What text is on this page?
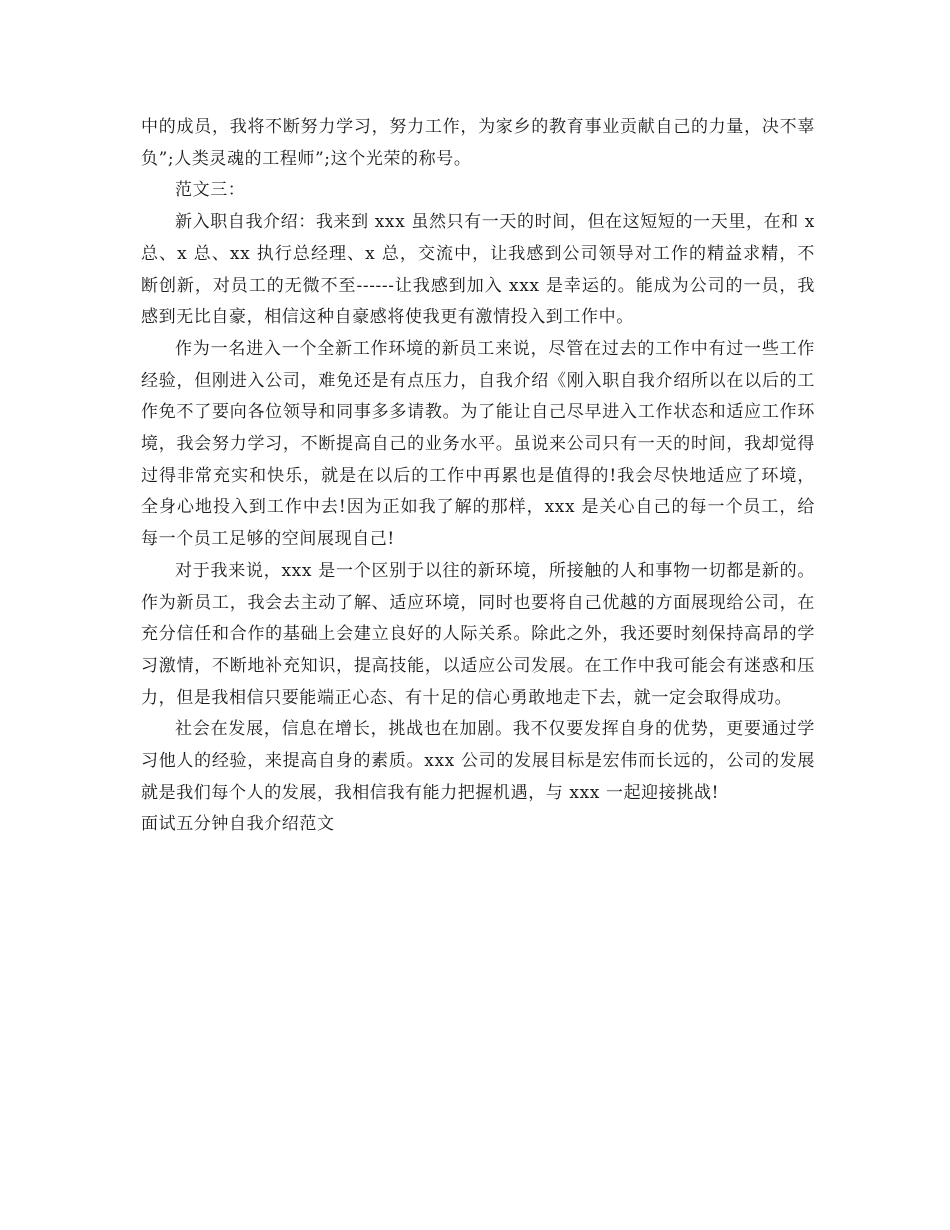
中的成员，我将不断努力学习，努力工作，为家乡的教育事业贡献自己的力量，决不辜负”;人类灵魂的工程师”;这个光荣的称号。

范文三：

新入职自我介绍：我来到 xxx 虽然只有一天的时间，但在这短短的一天里，在和 x 总、x 总、xx 执行总经理、x 总，交流中，让我感到公司领导对工作的精益求精，不断创新，对员工的无微不至------让我感到加入 xxx 是幸运的。能成为公司的一员，我感到无比自豪，相信这种自豪感将使我更有激情投入到工作中。

作为一名进入一个全新工作环境的新员工来说，尽管在过去的工作中有过一些工作经验，但刚进入公司，难免还是有点压力，自我介绍《刚入职自我介绍所以在以后的工作免不了要向各位领导和同事多多请教。为了能让自己尽早进入工作状态和适应工作环境，我会努力学习，不断提高自己的业务水平。虽说来公司只有一天的时间，我却觉得过得非常充实和快乐，就是在以后的工作中再累也是值得的!我会尽快地适应了环境，全身心地投入到工作中去!因为正如我了解的那样，xxx 是关心自己的每一个员工，给每一个员工足够的空间展现自己!

对于我来说，xxx 是一个区别于以往的新环境，所接触的人和事物一切都是新的。作为新员工，我会去主动了解、适应环境，同时也要将自己优越的方面展现给公司，在充分信任和合作的基础上会建立良好的人际关系。除此之外，我还要时刻保持高昂的学习激情，不断地补充知识，提高技能，以适应公司发展。在工作中我可能会有迷惑和压力，但是我相信只要能端正心态、有十足的信心勇敢地走下去，就一定会取得成功。

社会在发展，信息在增长，挑战也在加剧。我不仅要发挥自身的优势，更要通过学习他人的经验，来提高自身的素质。xxx 公司的发展目标是宏伟而长远的，公司的发展就是我们每个人的发展，我相信我有能力把握机遇，与 xxx 一起迎接挑战!

面试五分钟自我介绍范文
